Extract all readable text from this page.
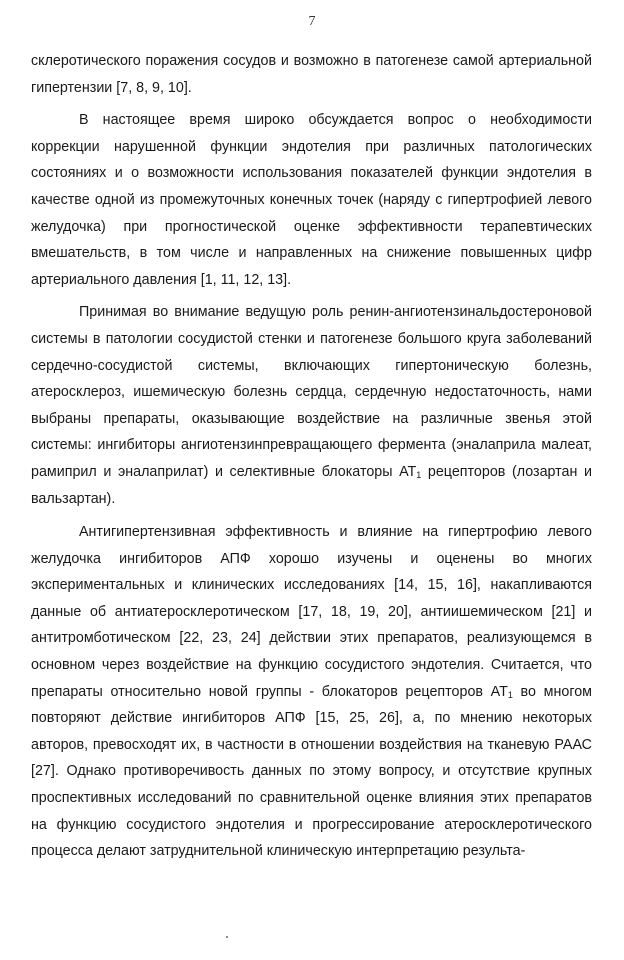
7

склеротического поражения сосудов и возможно в патогенезе самой артериальной гипертензии [7, 8, 9, 10].

В настоящее время широко обсуждается вопрос о необходимости коррекции нарушенной функции эндотелия при различных патологических состояниях и о возможности использования показателей функции эндотелия в качестве одной из промежуточных конечных точек (наряду с гипертрофией левого желудочка) при прогностической оценке эффективности терапевтических вмешательств, в том числе и направленных на снижение повышенных цифр артериального давления [1, 11, 12, 13].

Принимая во внимание ведущую роль ренин-ангиотензинальдостероновой системы в патологии сосудистой стенки и патогенезе большого круга заболеваний сердечно-сосудистой системы, включающих гипертоническую болезнь, атеросклероз, ишемическую болезнь сердца, сердечную недостаточность, нами выбраны препараты, оказывающие воздействие на различные звенья этой системы: ингибиторы ангиотензинпревращающего фермента (эналаприла малеат, рамиприл и эналаприлат) и селективные блокаторы $АТ_1$ рецепторов (лозартан и вальзартан).

Антигипертензивная эффективность и влияние на гипертрофию левого желудочка ингибиторов АПФ хорошо изучены и оценены во многих экспериментальных и клинических исследованиях [14, 15, 16], накапливаются данные об антиатеросклеротическом [17, 18, 19, 20], антиишемическом [21] и антитромботическом [22, 23, 24] действии этих препаратов, реализующемся в основном через воздействие на функцию сосудистого эндотелия. Считается, что препараты относительно новой группы - блокаторов рецепторов $АТ_1$ во многом повторяют действие ингибиторов АПФ [15, 25, 26], а, по мнению некоторых авторов, превосходят их, в частности в отношении воздействия на тканевую РААС [27]. Однако противоречивость данных по этому вопросу, и отсутствие крупных проспективных исследований по сравнительной оценке влияния этих препаратов на функцию сосудистого эндотелия и прогрессирование атеросклеротического процесса делают затруднительной клиническую интерпретацию результа-
